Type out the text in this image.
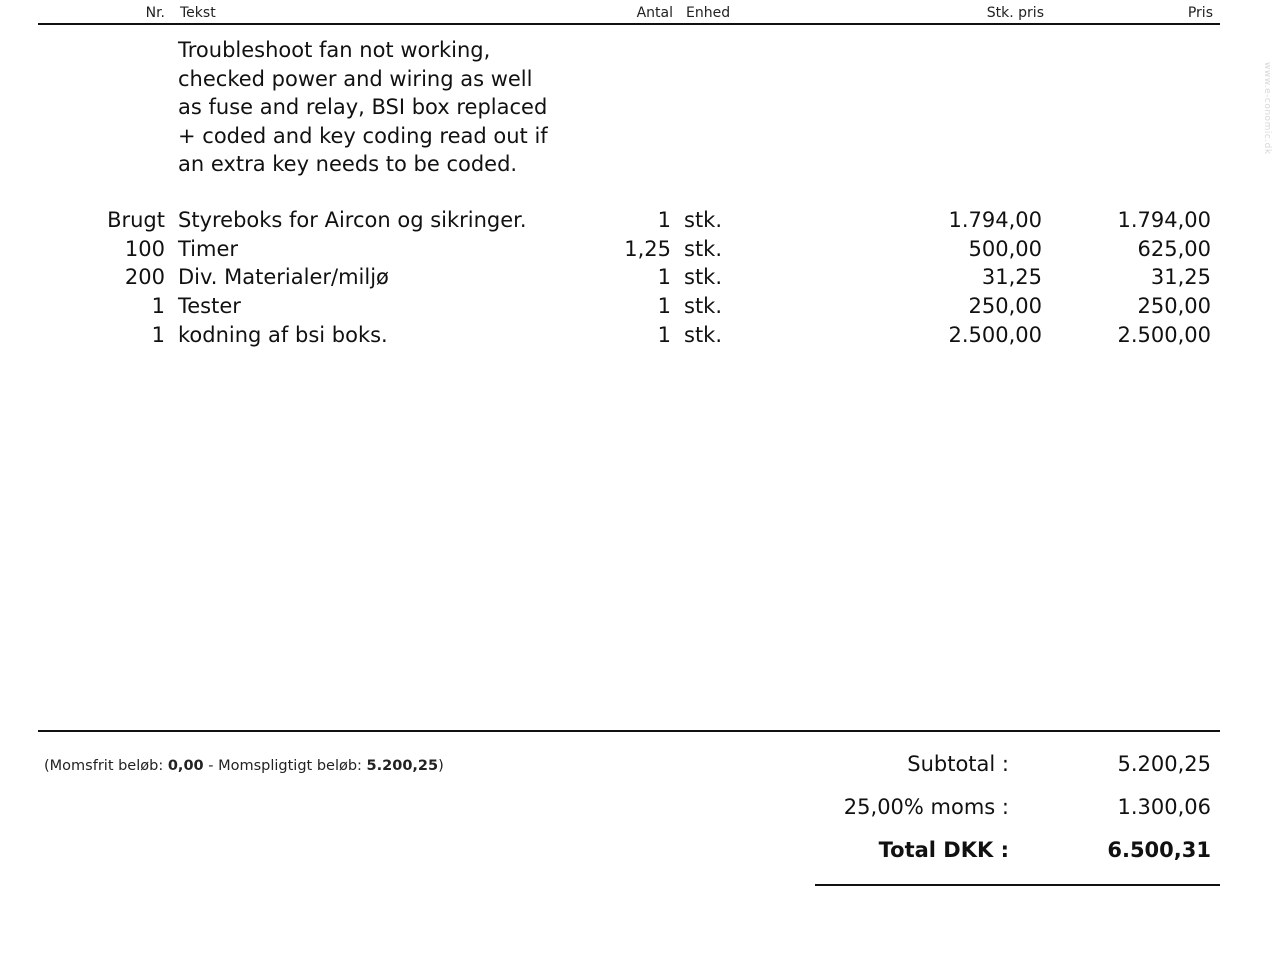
Nr. Tekst	Antal Enhed	Stk. pris	Pris
Troubleshoot fan not working,
checked power and wiring as well
as fuse and relay, BSI box replaced
+ coded and key coding read out if
an extra key needs to be coded.
Brugt Styreboks for Aircon og sikringer.	1 stk.	1.794,00	1.794,00
100 Timer	1,25 stk.	500,00	625,00
200 Div. Materialer/miljø	1 stk.	31,25	31,25
1 Tester	1 stk.	250,00	250,00
1 kodning af bsi boks.	1 stk.	2.500,00	2.500,00
(Momsfrit beløb: 0,00 - Momspligtigt beløb: 5.200,25)	Subtotal :	5.200,25
25,00% moms :	1.300,06
Total DKK :	6.500,31
www.e-conomic.dk
